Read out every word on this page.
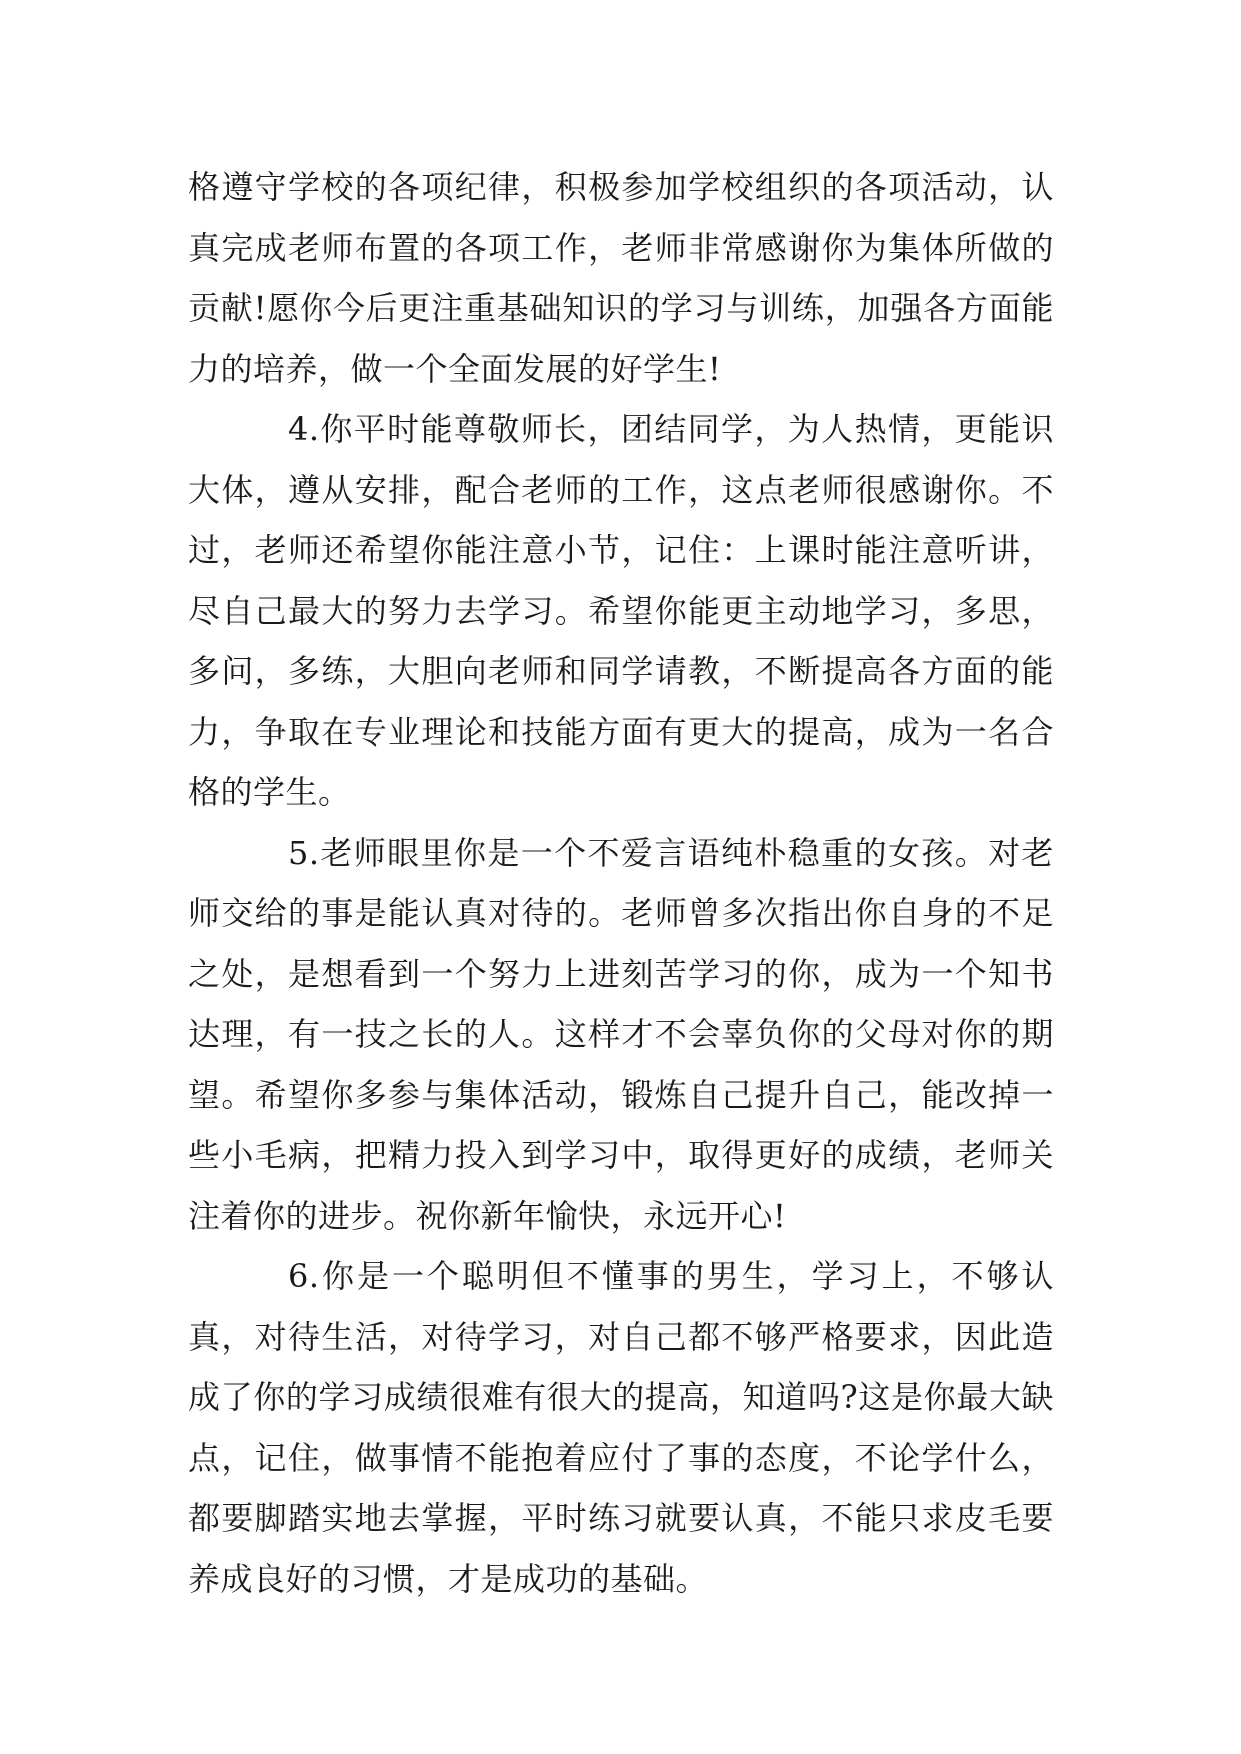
格遵守学校的各项纪律，积极参加学校组织的各项活动，认真完成老师布置的各项工作，老师非常感谢你为集体所做的贡献!愿你今后更注重基础知识的学习与训练，加强各方面能力的培养，做一个全面发展的好学生!

4.你平时能尊敬师长，团结同学，为人热情，更能识大体，遵从安排，配合老师的工作，这点老师很感谢你。不过，老师还希望你能注意小节，记住：上课时能注意听讲，尽自己最大的努力去学习。希望你能更主动地学习，多思，多问，多练，大胆向老师和同学请教，不断提高各方面的能力，争取在专业理论和技能方面有更大的提高，成为一名合格的学生。

5.老师眼里你是一个不爱言语纯朴稳重的女孩。对老师交给的事是能认真对待的。老师曾多次指出你自身的不足之处，是想看到一个努力上进刻苦学习的你，成为一个知书达理，有一技之长的人。这样才不会辜负你的父母对你的期望。希望你多参与集体活动，锻炼自己提升自己，能改掉一些小毛病，把精力投入到学习中，取得更好的成绩，老师关注着你的进步。祝你新年愉快，永远开心!

6.你是一个聪明但不懂事的男生，学习上，不够认真，对待生活，对待学习，对自己都不够严格要求，因此造成了你的学习成绩很难有很大的提高，知道吗?这是你最大缺点，记住，做事情不能抱着应付了事的态度，不论学什么，都要脚踏实地去掌握，平时练习就要认真，不能只求皮毛要养成良好的习惯，才是成功的基础。
